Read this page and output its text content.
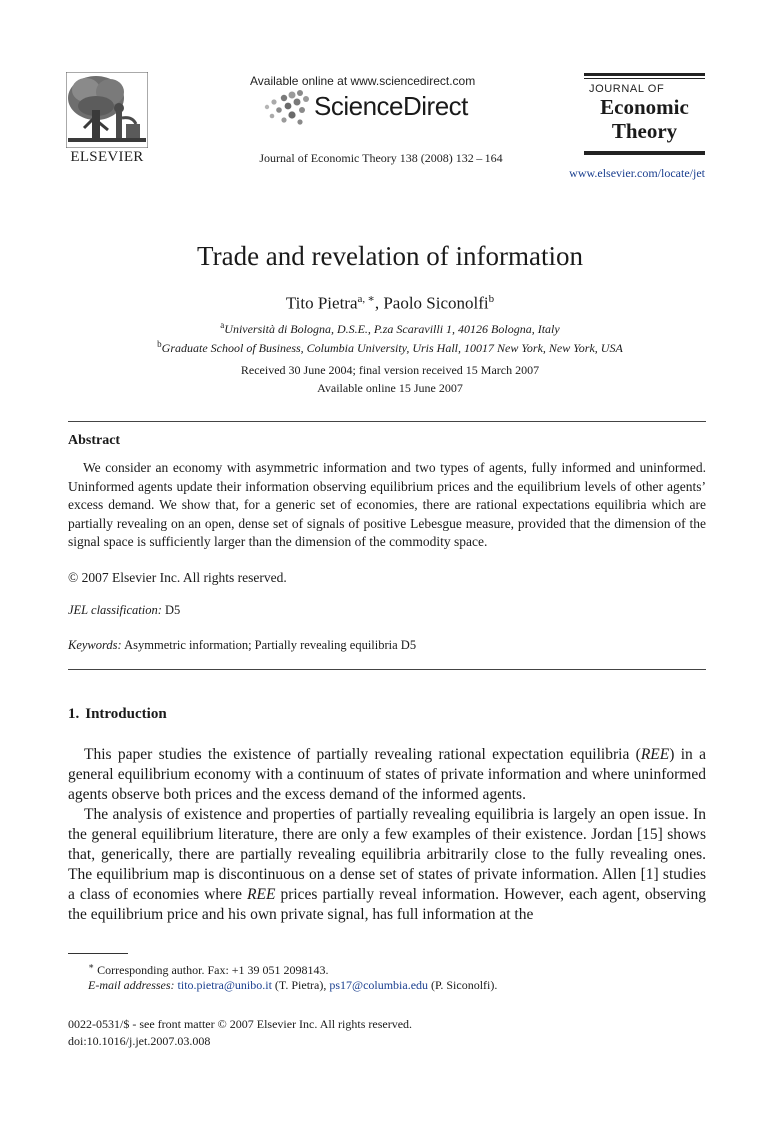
ELSEVIER
Available online at www.sciencedirect.com
ScienceDirect
Journal of Economic Theory 138 (2008) 132 – 164
JOURNAL OF
Economic
Theory
www.elsevier.com/locate/jet
Trade and revelation of information
Tito Pietra$^{a, ∗}$, Paolo Siconolfi$^b$
$^a$Università di Bologna, D.S.E., P.za Scaravilli 1, 40126 Bologna, Italy
$^b$Graduate School of Business, Columbia University, Uris Hall, 10017 New York, New York, USA
Received 30 June 2004; final version received 15 March 2007
Available online 15 June 2007
Abstract

We consider an economy with asymmetric information and two types of agents, fully informed and uninformed. Uninformed agents update their information observing equilibrium prices and the equilibrium levels of other agents’ excess demand. We show that, for a generic set of economies, there are rational expectations equilibria which are partially revealing on an open, dense set of signals of positive Lebesgue measure, provided that the dimension of the signal space is sufficiently larger than the dimension of the commodity space.

© 2007 Elsevier Inc. All rights reserved.
JEL classification: D5
Keywords: Asymmetric information; Partially revealing equilibria D5
1. Introduction

This paper studies the existence of partially revealing rational expectation equilibria (REE) in a general equilibrium economy with a continuum of states of private information and where uninformed agents observe both prices and the excess demand of the informed agents.

The analysis of existence and properties of partially revealing equilibria is largely an open issue. In the general equilibrium literature, there are only a few examples of their existence. Jordan [15] shows that, generically, there are partially revealing equilibria arbitrarily close to the fully revealing ones. The equilibrium map is discontinuous on a dense set of states of private information. Allen [1] studies a class of economies where REE prices partially reveal information. However, each agent, observing the equilibrium price and his own private signal, has full information at the

∗ Corresponding author. Fax: +1 39 051 2098143.
E-mail addresses: tito.pietra@unibo.it (T. Pietra), ps17@columbia.edu (P. Siconolfi).
0022-0531/$ - see front matter © 2007 Elsevier Inc. All rights reserved.
doi:10.1016/j.jet.2007.03.008
